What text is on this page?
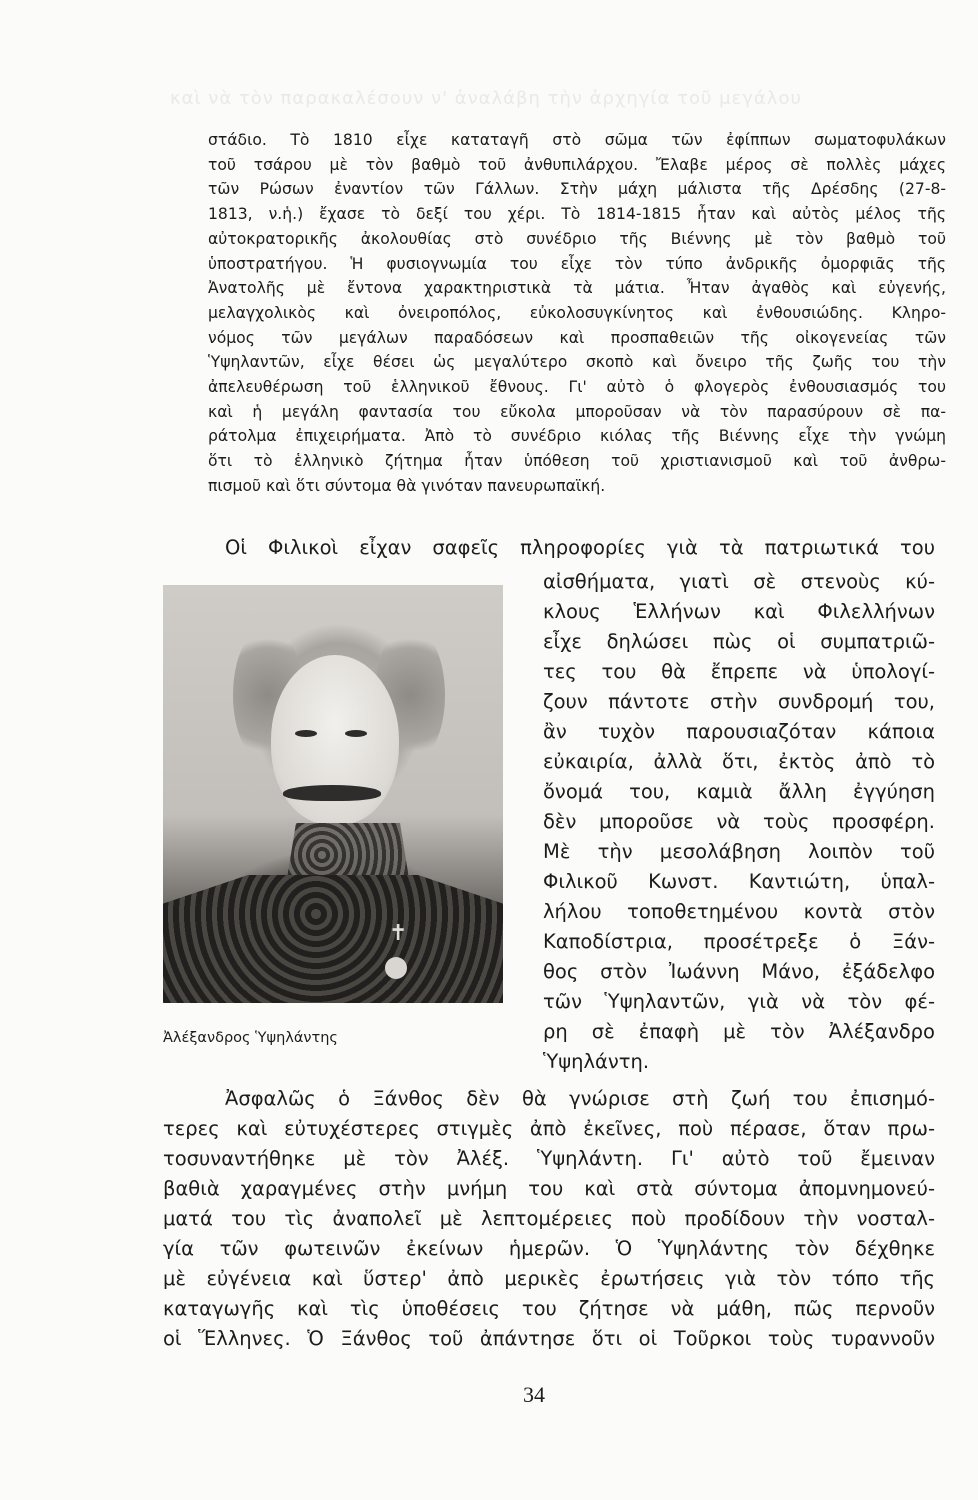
καὶ νὰ τὸν παρακαλέσουν ν' ἀναλάβη τὴν ἀρχηγία τοῦ μεγάλου
στάδιο. Τὸ 1810 εἶχε καταταγῆ στὸ σῶμα τῶν ἐφίππων σωματοφυλάκων
τοῦ τσάρου μὲ τὸν βαθμὸ τοῦ ἀνθυπιλάρχου. Ἔλαβε μέρος σὲ πολλὲς μάχες
τῶν Ρώσων ἐναντίον τῶν Γάλλων. Στὴν μάχη μάλιστα τῆς Δρέσδης (27-8-
1813, ν.ἡ.) ἔχασε τὸ δεξί του χέρι. Τὸ 1814-1815 ἦταν καὶ αὐτὸς μέλος τῆς
αὐτοκρατορικῆς ἀκολουθίας στὸ συνέδριο τῆς Βιέννης μὲ τὸν βαθμὸ τοῦ
ὑποστρατήγου. Ἡ φυσιογνωμία του εἶχε τὸν τύπο ἀνδρικῆς ὀμορφιᾶς τῆς
Ἀνατολῆς μὲ ἔντονα χαρακτηριστικὰ τὰ μάτια. Ἦταν ἀγαθὸς καὶ εὐγενής,
μελαγχολικὸς καὶ ὀνειροπόλος, εὐκολοσυγκίνητος καὶ ἐνθουσιώδης. Κληρο-
νόμος τῶν μεγάλων παραδόσεων καὶ προσπαθειῶν τῆς οἰκογενείας τῶν
Ὑψηλαντῶν, εἶχε θέσει ὡς μεγαλύτερο σκοπὸ καὶ ὄνειρο τῆς ζωῆς του τὴν
ἀπελευθέρωση τοῦ ἑλληνικοῦ ἔθνους. Γι' αὐτὸ ὁ φλογερὸς ἐνθουσιασμός του
καὶ ἡ μεγάλη φαντασία του εὔκολα μποροῦσαν νὰ τὸν παρασύρουν σὲ πα-
ράτολμα ἐπιχειρήματα. Ἀπὸ τὸ συνέδριο κιόλας τῆς Βιέννης εἶχε τὴν γνώμη
ὅτι τὸ ἑλληνικὸ ζήτημα ἦταν ὑπόθεση τοῦ χριστιανισμοῦ καὶ τοῦ ἀνθρω-
πισμοῦ καὶ ὅτι σύντομα θὰ γινόταν πανευρωπαϊκή.
Οἱ Φιλικοὶ εἶχαν σαφεῖς πληροφορίες γιὰ τὰ πατριωτικά του
αἰσθήματα, γιατὶ σὲ στενοὺς κύ-
κλους Ἑλλήνων καὶ Φιλελλήνων
εἶχε δηλώσει πὼς οἱ συμπατριῶ-
τες του θὰ ἔπρεπε νὰ ὑπολογί-
ζουν πάντοτε στὴν συνδρομή του,
ἂν τυχὸν παρουσιαζόταν κάποια
εὐκαιρία, ἀλλὰ ὅτι, ἐκτὸς ἀπὸ τὸ
ὄνομά του, καμιὰ ἄλλη ἐγγύηση
δὲν μποροῦσε νὰ τοὺς προσφέρη.
Μὲ τὴν μεσολάβηση λοιπὸν τοῦ
Φιλικοῦ Κωνστ. Καντιώτη, ὑπαλ-
λήλου τοποθετημένου κοντὰ στὸν
Καποδίστρια, προσέτρεξε ὁ Ξάν-
θος στὸν Ἰωάννη Μάνο, ἐξάδελφο
τῶν Ὑψηλαντῶν, γιὰ νὰ τὸν φέ-
ρη σὲ ἐπαφὴ μὲ τὸν Ἀλέξανδρο
Ὑψηλάντη.
✝
Ἀλέξανδρος Ὑψηλάντης
Ἀσφαλῶς ὁ Ξάνθος δὲν θὰ γνώρισε στὴ ζωή του ἐπισημό-
τερες καὶ εὐτυχέστερες στιγμὲς ἀπὸ ἐκεῖνες, ποὺ πέρασε, ὅταν πρω-
τοσυναντήθηκε μὲ τὸν Ἀλέξ. Ὑψηλάντη. Γι' αὐτὸ τοῦ ἔμειναν
βαθιὰ χαραγμένες στὴν μνήμη του καὶ στὰ σύντομα ἀπομνημονεύ-
ματά του τὶς ἀναπολεῖ μὲ λεπτομέρειες ποὺ προδίδουν τὴν νοσταλ-
γία τῶν φωτεινῶν ἐκείνων ἡμερῶν. Ὁ Ὑψηλάντης τὸν δέχθηκε
μὲ εὐγένεια καὶ ὕστερ' ἀπὸ μερικὲς ἐρωτήσεις γιὰ τὸν τόπο τῆς
καταγωγῆς καὶ τὶς ὑποθέσεις του ζήτησε νὰ μάθη, πῶς περνοῦν
οἱ Ἕλληνες. Ὁ Ξάνθος τοῦ ἀπάντησε ὅτι οἱ Τοῦρκοι τοὺς τυραννοῦν
34
